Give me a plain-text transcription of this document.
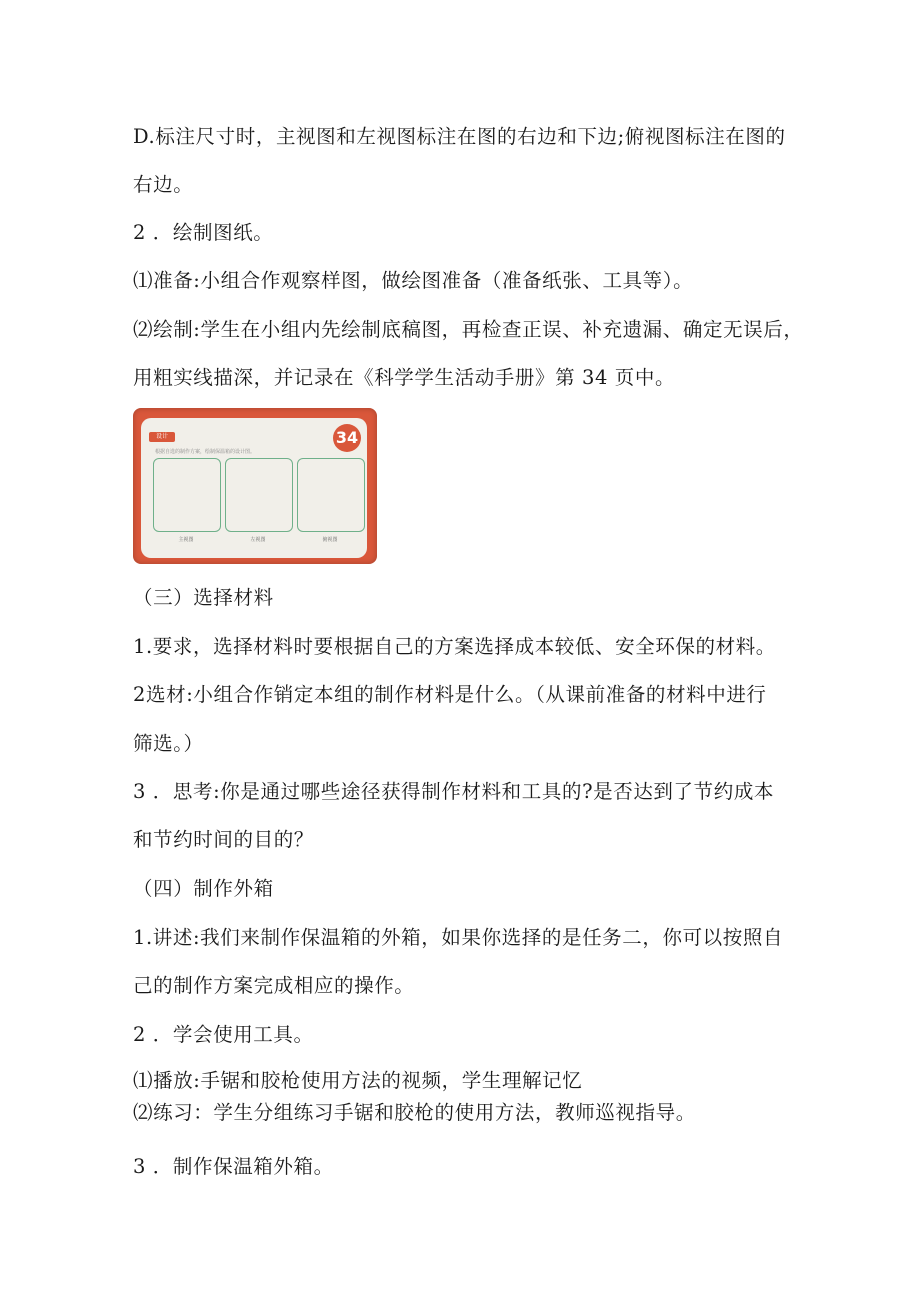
D.标注尺寸时，主视图和左视图标注在图的右边和下边;俯视图标注在图的
右边。
2 ．绘制图纸。
⑴准备:小组合作观察样图，做绘图准备（准备纸张、工具等）。
⑵绘制:学生在小组内先绘制底稿图，再检查正误、补充遗漏、确定无误后，
用粗实线描深，并记录在《科学学生活动手册》第 34 页中。
设计
根据自选的制作方案，绘制保温箱的设计图。
34
主视图	左视图	俯视图
（三）选择材料
1.要求，选择材料时要根据自己的方案选择成本较低、安全环保的材料。
2选材:小组合作销定本组的制作材料是什么。（从课前准备的材料中进行
筛选。）
3 ．思考:你是通过哪些途径获得制作材料和工具的?是否达到了节约成本
和节约时间的目的？
（四）制作外箱
1.讲述:我们来制作保温箱的外箱，如果你选择的是任务二，你可以按照自
己的制作方案完成相应的操作。
2 ．学会使用工具。
⑴播放:手锯和胶枪使用方法的视频，学生理解记忆
⑵练习：学生分组练习手锯和胶枪的使用方法，教师巡视指导。
3 ．制作保温箱外箱。
